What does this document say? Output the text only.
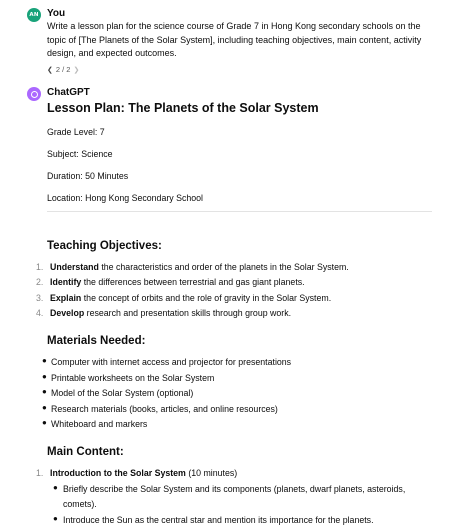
AN You
Write a lesson plan for the science course of Grade 7 in Hong Kong secondary schools on the
topic of [The Planets of the Solar System], including teaching objectives, main content, activity
design, and expected outcomes.
❮ 2 / 2 ❯
ChatGPT
Lesson Plan: The Planets of the Solar System
Grade Level: 7
Subject: Science
Duration: 50 Minutes
Location: Hong Kong Secondary School
Teaching Objectives:
1. Understand the characteristics and order of the planets in the Solar System.
2. Identify the differences between terrestrial and gas giant planets.
3. Explain the concept of orbits and the role of gravity in the Solar System.
4. Develop research and presentation skills through group work.
Materials Needed:
● Computer with internet access and projector for presentations
● Printable worksheets on the Solar System
● Model of the Solar System (optional)
● Research materials (books, articles, and online resources)
● Whiteboard and markers
Main Content:
1. Introduction to the Solar System (10 minutes)
● Briefly describe the Solar System and its components (planets, dwarf planets, asteroids,
comets).
● Introduce the Sun as the central star and mention its importance for the planets.
